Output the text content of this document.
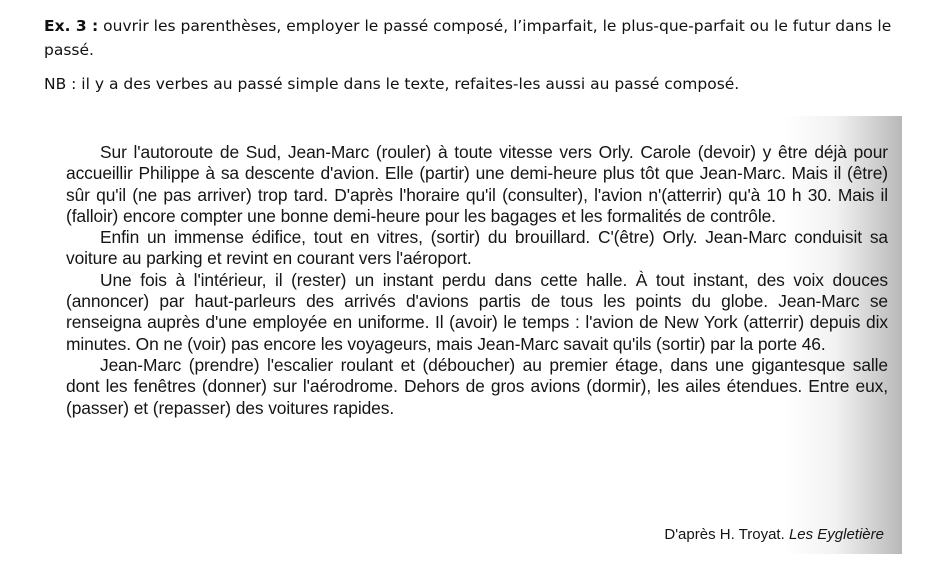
Ex. 3 : ouvrir les parenthèses, employer le passé composé, l’imparfait, le plus-que-parfait ou le futur dans le passé.

NB : il y a des verbes au passé simple dans le texte, refaites-les aussi au passé composé.

Sur l'autoroute de Sud, Jean-Marc (rouler) à toute vitesse vers Orly. Carole (devoir) y être déjà pour accueillir Philippe à sa descente d'avion. Elle (partir) une demi-heure plus tôt que Jean-Marc. Mais il (être) sûr qu'il (ne pas arriver) trop tard. D'après l'horaire qu'il (consulter), l'avion n'(atterrir) qu'à 10 h 30. Mais il (falloir) encore compter une bonne demi-heure pour les bagages et les formalités de contrôle.

Enfin un immense édifice, tout en vitres, (sortir) du brouillard. C'(être) Orly. Jean-Marc conduisit sa voiture au parking et revint en courant vers l'aéroport.

Une fois à l'intérieur, il (rester) un instant perdu dans cette halle. À tout instant, des voix douces (annoncer) par haut-parleurs des arrivés d'avions partis de tous les points du globe. Jean-Marc se renseigna auprès d'une employée en uniforme. Il (avoir) le temps : l'avion de New York (atterrir) depuis dix minutes. On ne (voir) pas encore les voyageurs, mais Jean-Marc savait qu'ils (sortir) par la porte 46.

Jean-Marc (prendre) l'escalier roulant et (déboucher) au premier étage, dans une gigantesque salle dont les fenêtres (donner) sur l'aérodrome. Dehors de gros avions (dormir), les ailes étendues. Entre eux, (passer) et (repasser) des voitures rapides.

D'après H. Troyat. Les Eygletière
